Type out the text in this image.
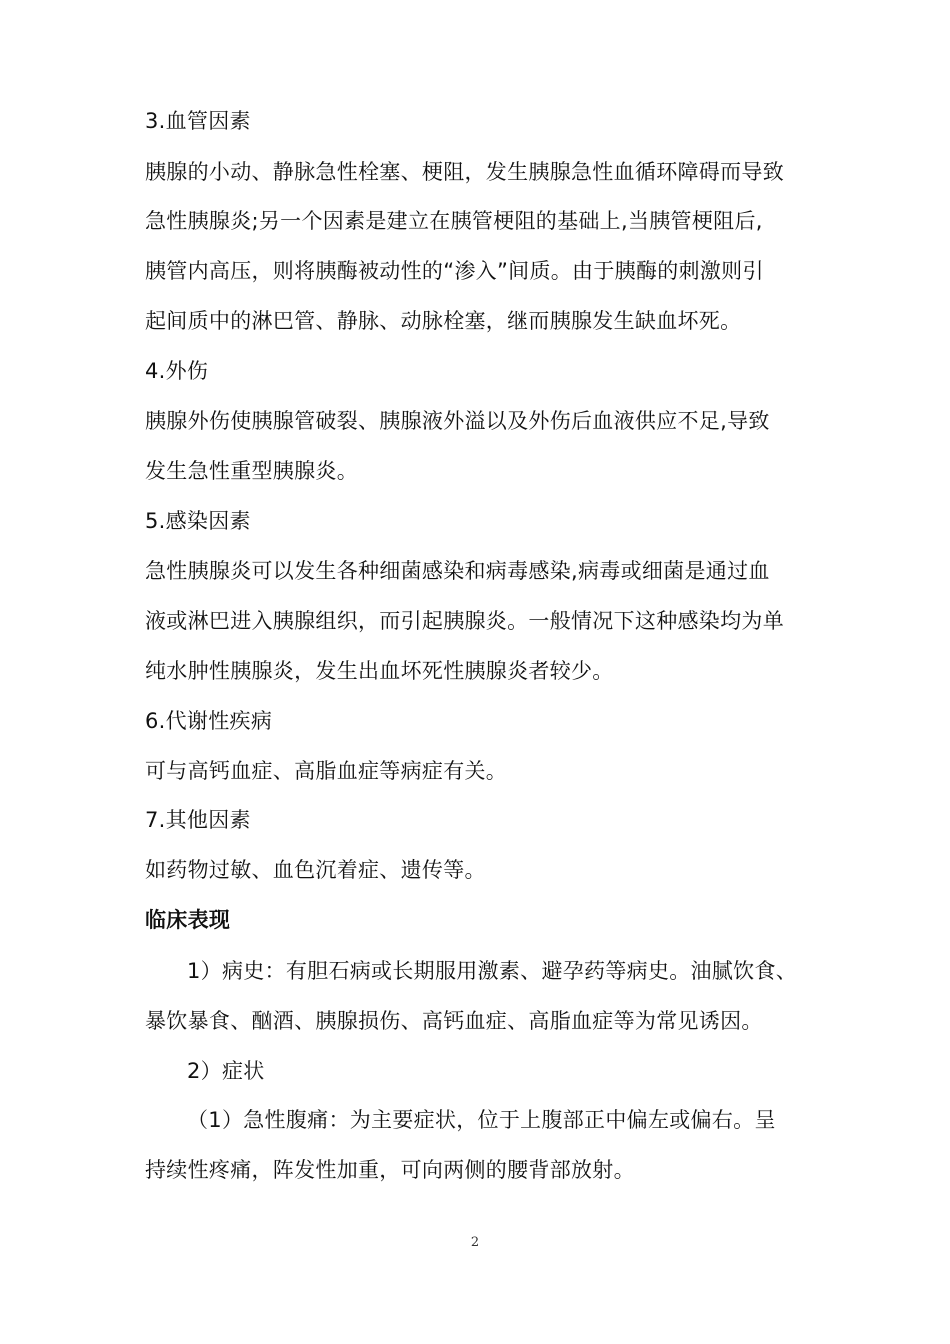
3.血管因素
胰腺的小动、静脉急性栓塞、梗阻，发生胰腺急性血循环障碍而导致
急性胰腺炎;另一个因素是建立在胰管梗阻的基础上,当胰管梗阻后,
胰管内高压，则将胰酶被动性的“渗入”间质。由于胰酶的刺激则引
起间质中的淋巴管、静脉、动脉栓塞，继而胰腺发生缺血坏死。
4.外伤
胰腺外伤使胰腺管破裂、胰腺液外溢以及外伤后血液供应不足,导致
发生急性重型胰腺炎。
5.感染因素
急性胰腺炎可以发生各种细菌感染和病毒感染,病毒或细菌是通过血
液或淋巴进入胰腺组织，而引起胰腺炎。一般情况下这种感染均为单
纯水肿性胰腺炎，发生出血坏死性胰腺炎者较少。
6.代谢性疾病
可与高钙血症、高脂血症等病症有关。
7.其他因素
如药物过敏、血色沉着症、遗传等。
临床表现
1）病史：有胆石病或长期服用激素、避孕药等病史。油腻饮食、
暴饮暴食、酗酒、胰腺损伤、高钙血症、高脂血症等为常见诱因。
2）症状
（1）急性腹痛：为主要症状，位于上腹部正中偏左或偏右。呈
持续性疼痛，阵发性加重，可向两侧的腰背部放射。
2
